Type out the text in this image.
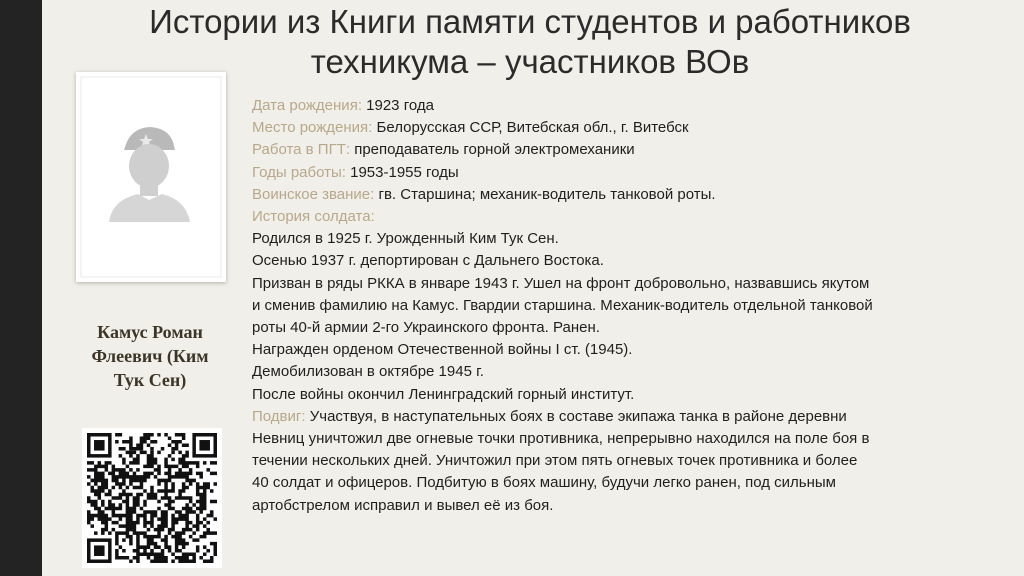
Истории из Книги памяти студентов и работников
техникума – участников ВОв
Камус Роман
Флеевич (Ким
Тук Сен)
Дата рождения: 1923 года
Место рождения: Белорусская ССР, Витебская обл., г. Витебск
Работа в ПГТ: преподаватель горной электромеханики
Годы работы: 1953-1955 годы
Воинское звание: гв. Старшина; механик-водитель танковой роты.
История солдата:
Родился в 1925 г. Урожденный Ким Тук Сен.
Осенью 1937 г. депортирован с Дальнего Востока.
Призван в ряды РККА в январе 1943 г. Ушел на фронт добровольно, назвавшись якутом
и сменив фамилию на Камус. Гвардии старшина. Механик-водитель отдельной танковой
роты 40-й армии 2-го Украинского фронта. Ранен.
Награжден орденом Отечественной войны I ст. (1945).
Демобилизован в октябре 1945 г.
После войны окончил Ленинградский горный институт.
Подвиг: Участвуя, в наступательных боях в составе экипажа танка в районе деревни
Невниц уничтожил две огневые точки противника, непрерывно находился на поле боя в
течении нескольких дней. Уничтожил при этом пять огневых точек противника и более
40 солдат и офицеров. Подбитую в боях машину, будучи легко ранен, под сильным
артобстрелом исправил и вывел её из боя.
